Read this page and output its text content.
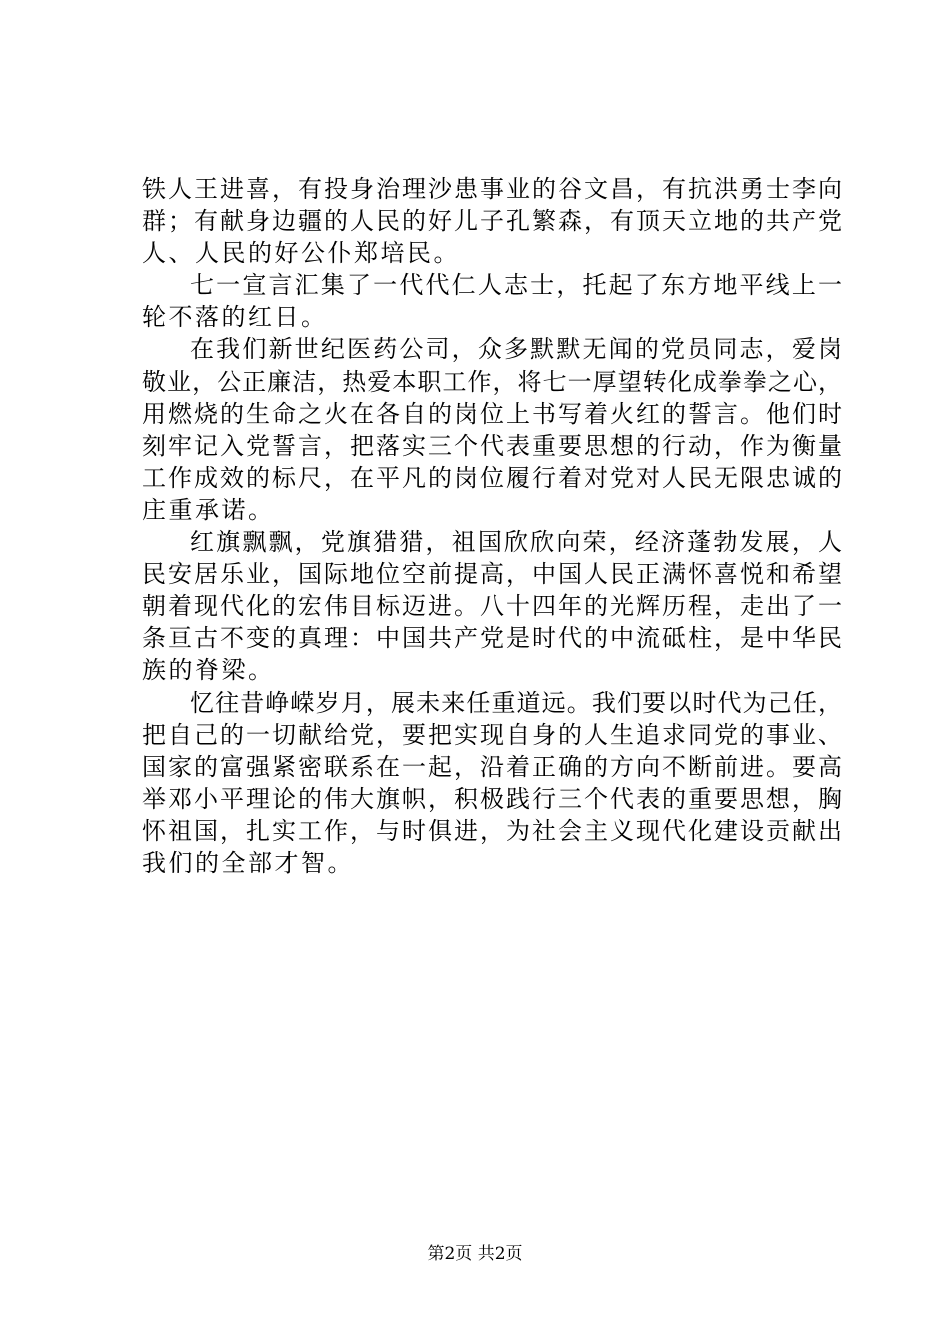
铁人王进喜，有投身治理沙患事业的谷文昌，有抗洪勇士李向
群；有献身边疆的人民的好儿子孔繁森，有顶天立地的共产党
人、人民的好公仆郑培民。
七一宣言汇集了一代代仁人志士，托起了东方地平线上一
轮不落的红日。
在我们新世纪医药公司，众多默默无闻的党员同志，爱岗
敬业，公正廉洁，热爱本职工作，将七一厚望转化成拳拳之心，
用燃烧的生命之火在各自的岗位上书写着火红的誓言。他们时
刻牢记入党誓言，把落实三个代表重要思想的行动，作为衡量
工作成效的标尺，在平凡的岗位履行着对党对人民无限忠诚的
庄重承诺。
红旗飘飘，党旗猎猎，祖国欣欣向荣，经济蓬勃发展，人
民安居乐业，国际地位空前提高，中国人民正满怀喜悦和希望
朝着现代化的宏伟目标迈进。八十四年的光辉历程，走出了一
条亘古不变的真理：中国共产党是时代的中流砥柱，是中华民
族的脊梁。
忆往昔峥嵘岁月，展未来任重道远。我们要以时代为己任，
把自己的一切献给党，要把实现自身的人生追求同党的事业、
国家的富强紧密联系在一起，沿着正确的方向不断前进。要高
举邓小平理论的伟大旗帜，积极践行三个代表的重要思想，胸
怀祖国，扎实工作，与时俱进，为社会主义现代化建设贡献出
我们的全部才智。
第2页 共2页
